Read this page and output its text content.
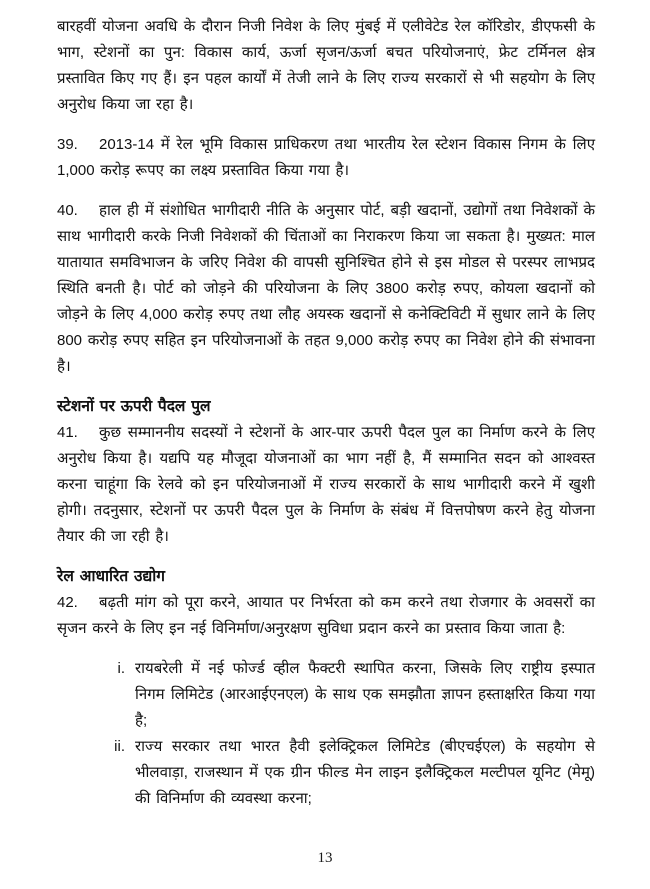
बारहवीं योजना अवधि के दौरान निजी निवेश के लिए मुंबई में एलीवेटेड रेल कॉरिडोर, डीएफसी के भाग, स्टेशनों का पुन: विकास कार्य, ऊर्जा सृजन/ऊर्जा बचत परियोजनाएं, फ्रेट टर्मिनल क्षेत्र प्रस्तावित किए गए हैं। इन पहल कार्यों में तेजी लाने के लिए राज्य सरकारों से भी सहयोग के लिए अनुरोध किया जा रहा है।

39. 2013-14 में रेल भूमि विकास प्राधिकरण तथा भारतीय रेल स्टेशन विकास निगम के लिए 1,000 करोड़ रूपए का लक्ष्य प्रस्तावित किया गया है।

40. हाल ही में संशोधित भागीदारी नीति के अनुसार पोर्ट, बड़ी खदानों, उद्योगों तथा निवेशकों के साथ भागीदारी करके निजी निवेशकों की चिंताओं का निराकरण किया जा सकता है। मुख्यत: माल यातायात समविभाजन के जरिए निवेश की वापसी सुनिश्चित होने से इस मोडल से परस्पर लाभप्रद स्थिति बनती है। पोर्ट को जोड़ने की परियोजना के लिए 3800 करोड़ रुपए, कोयला खदानों को जोड़ने के लिए 4,000 करोड़ रुपए तथा लौह अयस्क खदानों से कनेक्टिविटी में सुधार लाने के लिए 800 करोड़ रुपए सहित इन परियोजनाओं के तहत 9,000 करोड़ रुपए का निवेश होने की संभावना है।

स्टेशनों पर ऊपरी पैदल पुल

41. कुछ सम्माननीय सदस्यों ने स्टेशनों के आर-पार ऊपरी पैदल पुल का निर्माण करने के लिए अनुरोध किया है। यद्यपि यह मौजूदा योजनाओं का भाग नहीं है, मैं सम्मानित सदन को आश्वस्त करना चाहूंगा कि रेलवे को इन परियोजनाओं में राज्य सरकारों के साथ भागीदारी करने में खुशी होगी। तदनुसार, स्टेशनों पर ऊपरी पैदल पुल के निर्माण के संबंध में वित्तपोषण करने हेतु योजना तैयार की जा रही है।

रेल आधारित उद्योग

42. बढ़ती मांग को पूरा करने, आयात पर निर्भरता को कम करने तथा रोजगार के अवसरों का सृजन करने के लिए इन नई विनिर्माण/अनुरक्षण सुविधा प्रदान करने का प्रस्ताव किया जाता है:

i. रायबरेली में नई फोर्ज्ड व्हील फैक्टरी स्थापित करना, जिसके लिए राष्ट्रीय इस्पात निगम लिमिटेड (आरआईएनएल) के साथ एक समझौता ज्ञापन हस्ताक्षरित किया गया है;
ii. राज्य सरकार तथा भारत हैवी इलेक्ट्रिकल लिमिटेड (बीएचईएल) के सहयोग से भीलवाड़ा, राजस्थान में एक ग्रीन फील्ड मेन लाइन इलैक्ट्रिकल मल्टीपल यूनिट (मेमू) की विनिर्माण की व्यवस्था करना;
13
